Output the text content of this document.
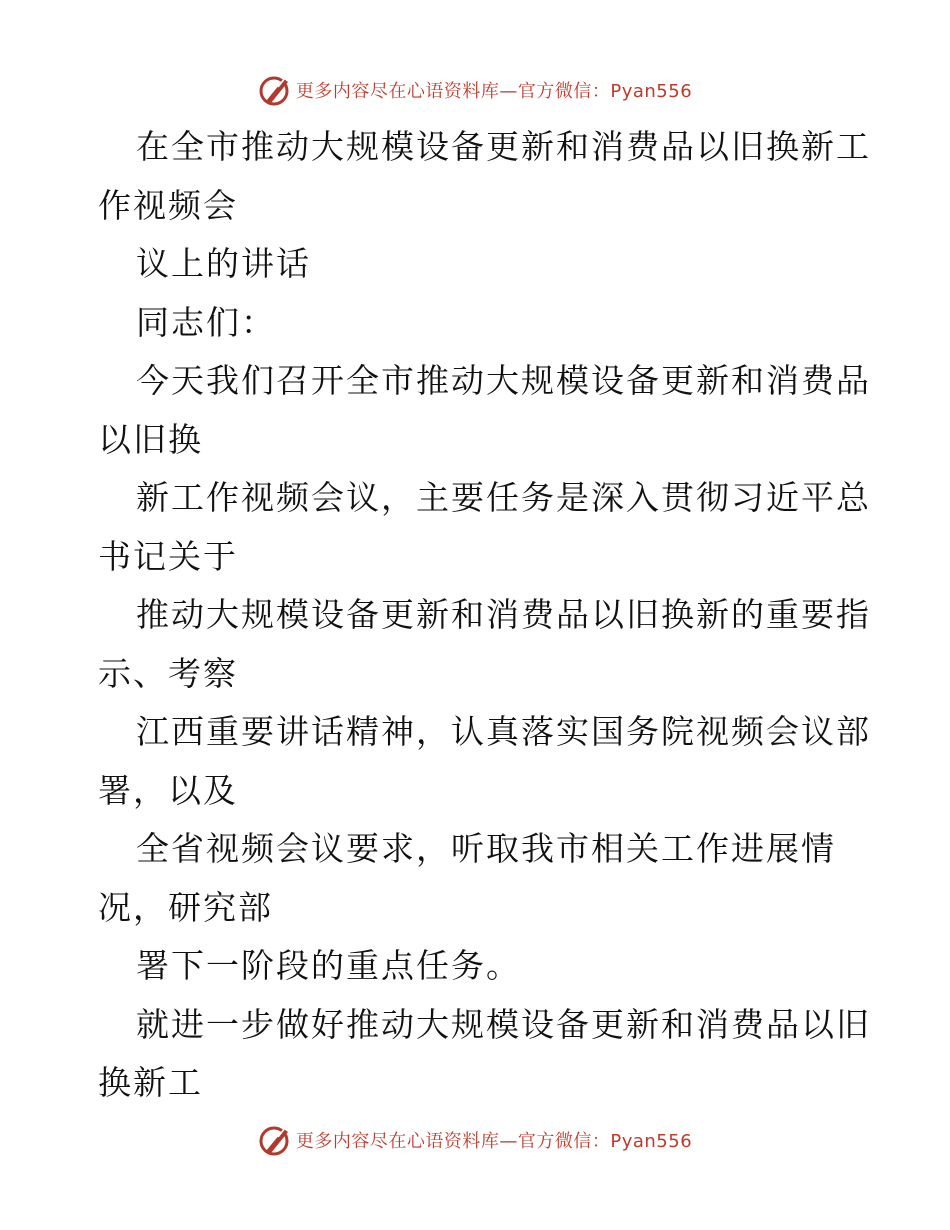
更多内容尽在心语资料库—官方微信：Pyan556
在全市推动大规模设备更新和消费品以旧换新工
作视频会
议上的讲话
同志们：
今天我们召开全市推动大规模设备更新和消费品
以旧换
新工作视频会议，主要任务是深入贯彻习近平总
书记关于
推动大规模设备更新和消费品以旧换新的重要指
示、考察
江西重要讲话精神，认真落实国务院视频会议部
署，以及
全省视频会议要求，听取我市相关工作进展情
况，研究部
署下一阶段的重点任务。
就进一步做好推动大规模设备更新和消费品以旧
换新工
更多内容尽在心语资料库—官方微信：Pyan556
